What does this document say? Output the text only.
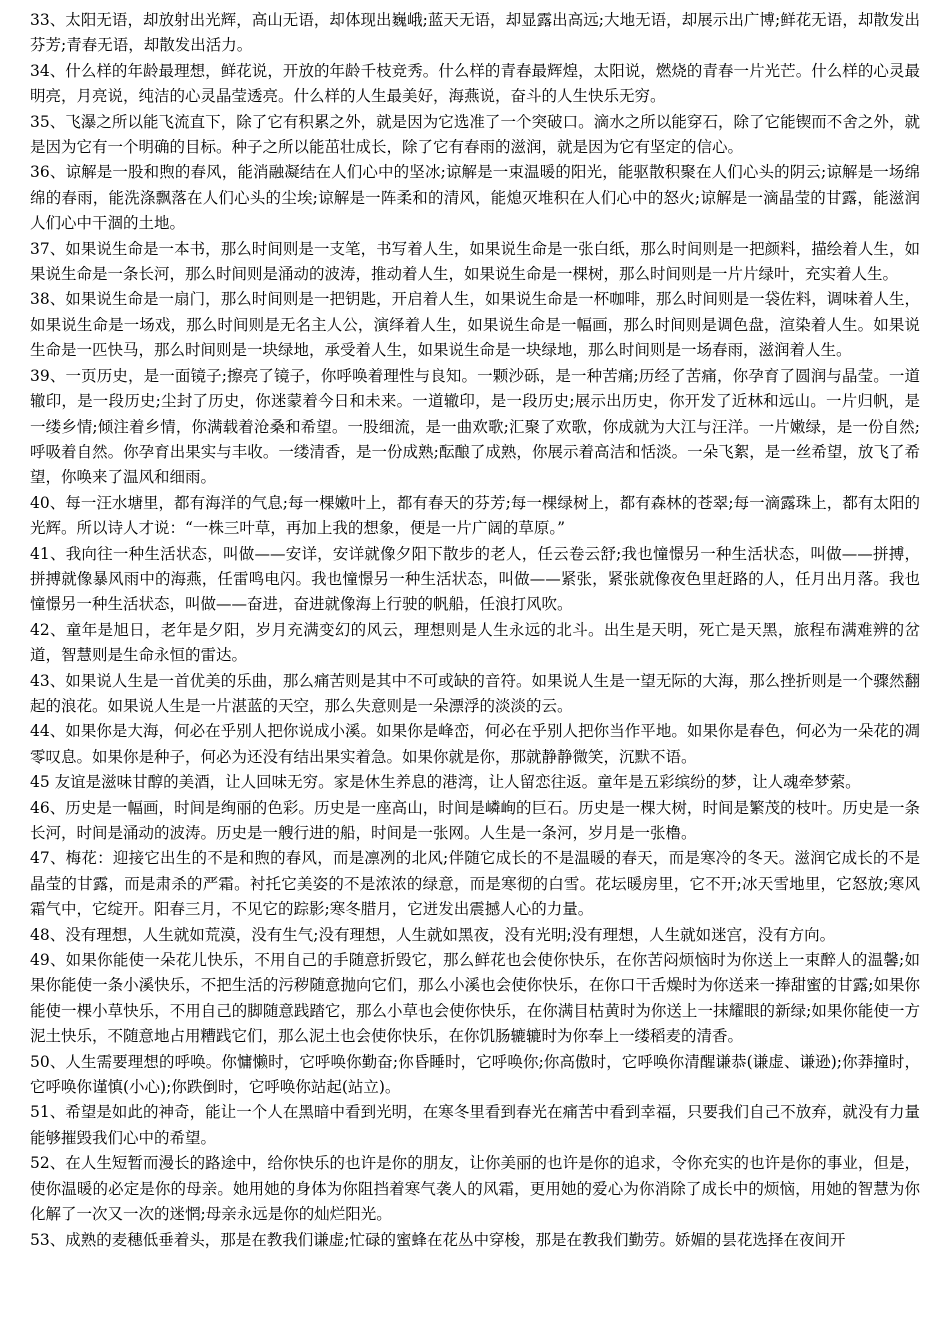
33、太阳无语，却放射出光辉，高山无语，却体现出巍峨;蓝天无语，却显露出高远;大地无语，却展示出广博;鲜花无语，却散发出芬芳;青春无语，却散发出活力。

34、什么样的年龄最理想，鲜花说，开放的年龄千枝竞秀。什么样的青春最辉煌，太阳说，燃烧的青春一片光芒。什么样的心灵最明亮，月亮说，纯洁的心灵晶莹透亮。什么样的人生最美好，海燕说，奋斗的人生快乐无穷。

35、飞瀑之所以能飞流直下，除了它有积累之外，就是因为它选准了一个突破口。滴水之所以能穿石，除了它能锲而不舍之外，就是因为它有一个明确的目标。种子之所以能茁壮成长，除了它有春雨的滋润，就是因为它有坚定的信心。

36、谅解是一股和煦的春风，能消融凝结在人们心中的坚冰;谅解是一束温暖的阳光，能驱散积聚在人们心头的阴云;谅解是一场绵绵的春雨，能洗涤飘落在人们心头的尘埃;谅解是一阵柔和的清风，能熄灭堆积在人们心中的怒火;谅解是一滴晶莹的甘露，能滋润人们心中干涸的土地。

37、如果说生命是一本书，那么时间则是一支笔，书写着人生，如果说生命是一张白纸，那么时间则是一把颜料，描绘着人生，如果说生命是一条长河，那么时间则是涌动的波涛，推动着人生，如果说生命是一棵树，那么时间则是一片片绿叶，充实着人生。

38、如果说生命是一扇门，那么时间则是一把钥匙，开启着人生，如果说生命是一杯咖啡，那么时间则是一袋佐料，调味着人生，如果说生命是一场戏，那么时间则是无名主人公，演绎着人生，如果说生命是一幅画，那么时间则是调色盘，渲染着人生。如果说生命是一匹快马，那么时间则是一块绿地，承受着人生，如果说生命是一块绿地，那么时间则是一场春雨，滋润着人生。

39、一页历史，是一面镜子;擦亮了镜子，你呼唤着理性与良知。一颗沙砾，是一种苦痛;历经了苦痛，你孕育了圆润与晶莹。一道辙印，是一段历史;尘封了历史，你迷蒙着今日和未来。一道辙印，是一段历史;展示出历史，你开发了近林和远山。一片归帆，是一缕乡情;倾注着乡情，你满载着沧桑和希望。一股细流，是一曲欢歌;汇聚了欢歌，你成就为大江与汪洋。一片嫩绿，是一份自然;呼吸着自然。你孕育出果实与丰收。一缕清香，是一份成熟;酝酿了成熟，你展示着高洁和恬淡。一朵飞絮，是一丝希望，放飞了希望，你唤来了温风和细雨。

40、每一汪水塘里，都有海洋的气息;每一棵嫩叶上，都有春天的芬芳;每一棵绿树上，都有森林的苍翠;每一滴露珠上，都有太阳的光辉。所以诗人才说：“一株三叶草，再加上我的想象，便是一片广阔的草原。”

41、我向往一种生活状态，叫做——安详，安详就像夕阳下散步的老人，任云卷云舒;我也憧憬另一种生活状态，叫做——拼搏，拼搏就像暴风雨中的海燕，任雷鸣电闪。我也憧憬另一种生活状态，叫做——紧张，紧张就像夜色里赶路的人，任月出月落。我也憧憬另一种生活状态，叫做——奋进，奋进就像海上行驶的帆船，任浪打风吹。

42、童年是旭日，老年是夕阳，岁月充满变幻的风云，理想则是人生永远的北斗。出生是天明，死亡是天黑，旅程布满难辨的岔道，智慧则是生命永恒的雷达。

43、如果说人生是一首优美的乐曲，那么痛苦则是其中不可或缺的音符。如果说人生是一望无际的大海，那么挫折则是一个骤然翻起的浪花。如果说人生是一片湛蓝的天空，那么失意则是一朵漂浮的淡淡的云。

44、如果你是大海，何必在乎别人把你说成小溪。如果你是峰峦，何必在乎别人把你当作平地。如果你是春色，何必为一朵花的凋零叹息。如果你是种子，何必为还没有结出果实着急。如果你就是你，那就静静微笑，沉默不语。

45 友谊是滋味甘醇的美酒，让人回味无穷。家是休生养息的港湾，让人留恋往返。童年是五彩缤纷的梦，让人魂牵梦萦。

46、历史是一幅画，时间是绚丽的色彩。历史是一座高山，时间是嶙峋的巨石。历史是一棵大树，时间是繁茂的枝叶。历史是一条长河，时间是涌动的波涛。历史是一艘行进的船，时间是一张网。人生是一条河，岁月是一张橹。

47、梅花：迎接它出生的不是和煦的春风，而是凛冽的北风;伴随它成长的不是温暖的春天，而是寒冷的冬天。滋润它成长的不是晶莹的甘露，而是肃杀的严霜。衬托它美姿的不是浓浓的绿意，而是寒彻的白雪。花坛暖房里，它不开;冰天雪地里，它怒放;寒风霜气中，它绽开。阳春三月，不见它的踪影;寒冬腊月，它迸发出震撼人心的力量。

48、没有理想，人生就如荒漠，没有生气;没有理想，人生就如黑夜，没有光明;没有理想，人生就如迷宫，没有方向。

49、如果你能使一朵花儿快乐，不用自己的手随意折毁它，那么鲜花也会使你快乐，在你苦闷烦恼时为你送上一束醉人的温馨;如果你能使一条小溪快乐，不把生活的污秽随意抛向它们，那么小溪也会使你快乐，在你口干舌燥时为你送来一捧甜蜜的甘露;如果你能使一棵小草快乐，不用自己的脚随意践踏它，那么小草也会使你快乐，在你满目枯黄时为你送上一抹耀眼的新绿;如果你能使一方泥土快乐，不随意地占用糟践它们，那么泥土也会使你快乐，在你饥肠辘辘时为你奉上一缕稻麦的清香。

50、人生需要理想的呼唤。你慵懒时，它呼唤你勤奋;你昏睡时，它呼唤你;你高傲时，它呼唤你清醒谦恭(谦虚、谦逊);你莽撞时，它呼唤你谨慎(小心);你跌倒时，它呼唤你站起(站立)。

51、希望是如此的神奇，能让一个人在黑暗中看到光明，在寒冬里看到春光在痛苦中看到幸福，只要我们自己不放弃，就没有力量能够摧毁我们心中的希望。

52、在人生短暂而漫长的路途中，给你快乐的也许是你的朋友，让你美丽的也许是你的追求，令你充实的也许是你的事业，但是，使你温暖的必定是你的母亲。她用她的身体为你阻挡着寒气袭人的风霜，更用她的爱心为你消除了成长中的烦恼，用她的智慧为你化解了一次又一次的迷惘;母亲永远是你的灿烂阳光。

53、成熟的麦穗低垂着头，那是在教我们谦虚;忙碌的蜜蜂在花丛中穿梭，那是在教我们勤劳。娇媚的昙花选择在夜间开
